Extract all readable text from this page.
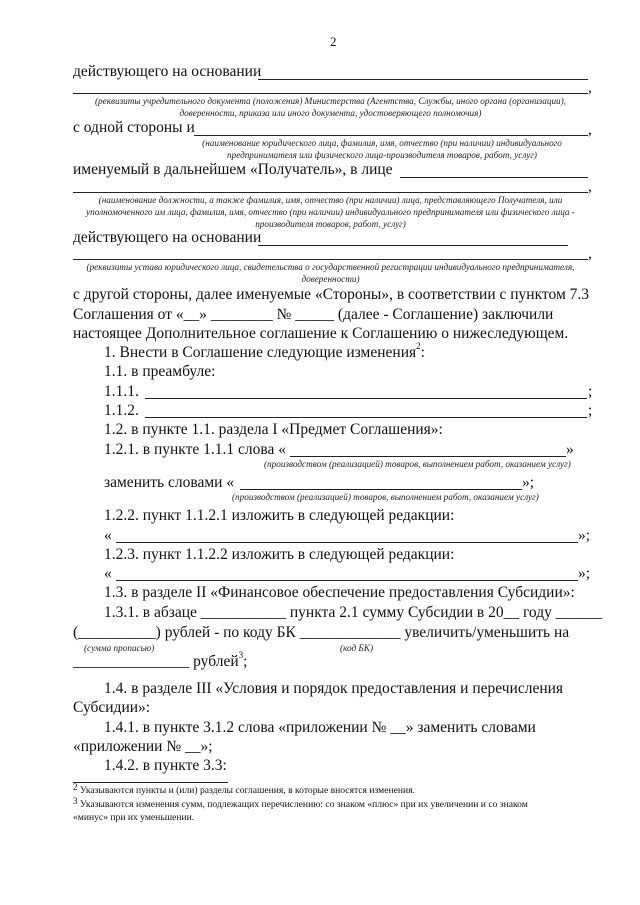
2
действующего на основании
,
(реквизиты учредительного документа (положения) Министерства (Агентства, Службы, иного органа (организации),
доверенности, приказа или иного документа, удостоверяющего полномочия)
с одной стороны и	,
(наименование юридического лица, фамилия, имя, отчество (при наличии) индивидуального
предпринимателя или физического лица-производителя товаров, работ, услуг)
именуемый в дальнейшем «Получатель», в лице
,
(наименование должности, а также фамилия, имя, отчество (при наличии) лица, представляющего Получателя, или
уполномоченного им лица, фамилия, имя, отчество (при наличии) индивидуального предпринимателя или физического лица -
производителя товаров, работ, услуг)
действующего на основании
,
(реквизиты устава юридического лица, свидетельства о государственной регистрации индивидуального предпринимателя,
доверенности)
с другой стороны, далее именуемые «Стороны», в соответствии с пунктом 7.3
Соглашения от «__» ________ № _____ (далее - Соглашение) заключили
настоящее Дополнительное соглашение к Соглашению о нижеследующем.
1. Внести в Соглашение следующие изменения$^2$:
1.1. в преамбуле:
1.1.1.	;
1.1.2.	;
1.2. в пункте 1.1. раздела I «Предмет Соглашения»:
1.2.1. в пункте 1.1.1 слова «	»
(производством (реализацией) товаров, выполнением работ, оказанием услуг)
заменить словами «	»;
(производством (реализацией) товаров, выполнением работ, оказанием услуг)
1.2.2. пункт 1.1.2.1 изложить в следующей редакции:
«	»;
1.2.3. пункт 1.1.2.2 изложить в следующей редакции:
«	»;
1.3. в разделе II «Финансовое обеспечение предоставления Субсидии»:
1.3.1. в абзаце ___________ пункта 2.1 сумму Субсидии в 20__ году ______
(__________) рублей - по коду БК _____________ увеличить/уменьшить на
(сумма прописью)	(код БК)
_______________ рублей$^3$;
1.4. в разделе III «Условия и порядок предоставления и перечисления
Субсидии»:
1.4.1. в пункте 3.1.2 слова «приложении № __» заменить словами
«приложении № __»;
1.4.2. в пункте 3.3:
2 Указываются пункты и (или) разделы соглашения, в которые вносятся изменения.
3 Указываются изменения сумм, подлежащих перечислению: со знаком «плюс» при их увеличении и со знаком
«минус» при их уменьшении.
